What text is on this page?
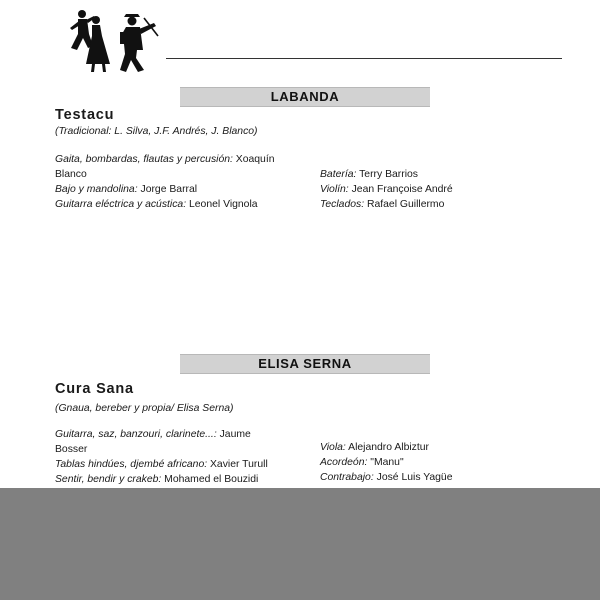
LABANDA
Testacu
(Tradicional: L. Silva, J.F. Andrés, J. Blanco)
Gaita, bombardas, flautas y percusión: Xoaquín
Blanco
Bajo y mandolina: Jorge Barral
Guitarra eléctrica y acústica: Leonel Vignola
Batería: Terry Barrios
Violín: Jean Françoise André
Teclados: Rafael Guillermo
ELISA SERNA
Cura Sana
(Gnaua, bereber y propia/ Elisa Serna)
Guitarra, saz, banzouri, clarinete...: Jaume
Bosser
Tablas hindúes, djembé africano: Xavier Turull
Sentir, bendir y crakeb: Mohamed el Bouzidi
Viola: Alejandro Albiztur
Acordeón: "Manu"
Contrabajo: José Luis Yagüe
